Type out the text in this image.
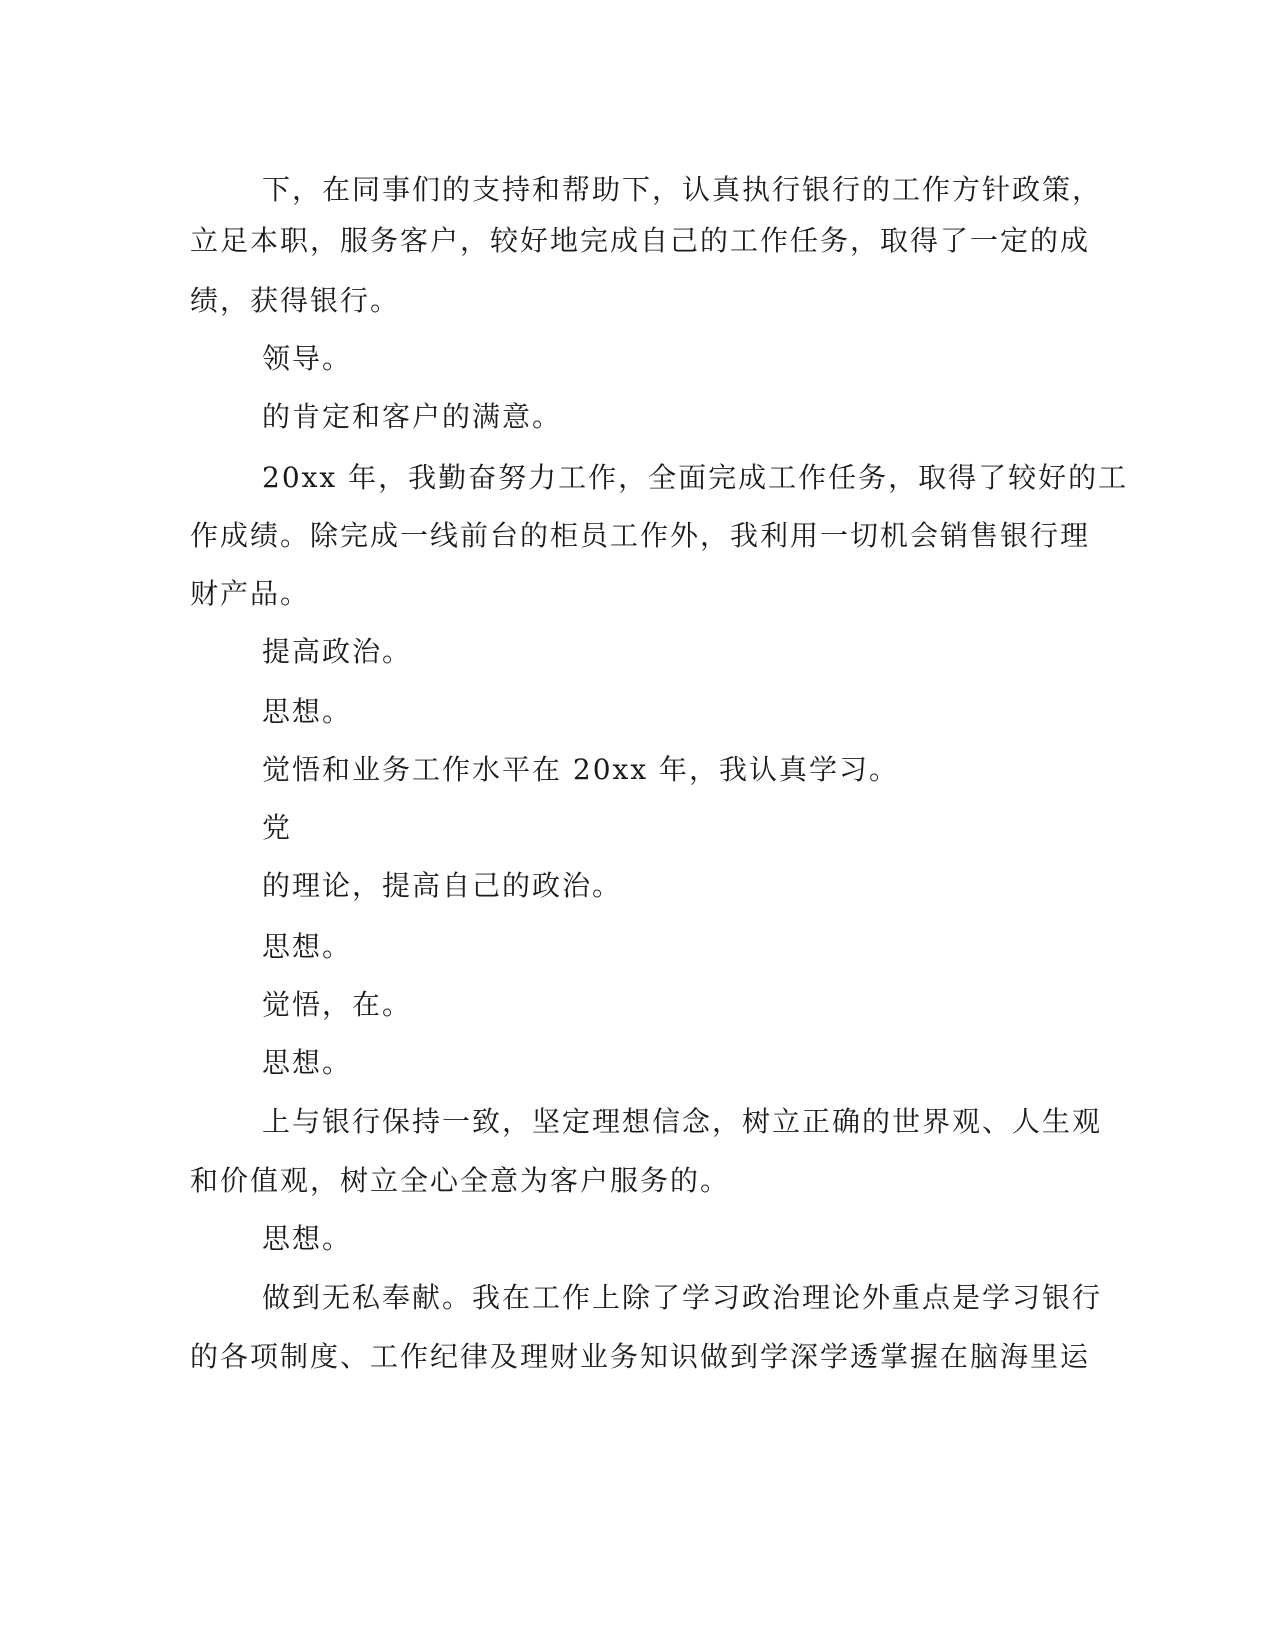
下，在同事们的支持和帮助下，认真执行银行的工作方针政策，
立足本职，服务客户，较好地完成自己的工作任务，取得了一定的成
绩，获得银行。
领导。
的肯定和客户的满意。
20xx 年，我勤奋努力工作，全面完成工作任务，取得了较好的工
作成绩。除完成一线前台的柜员工作外，我利用一切机会销售银行理
财产品。
提高政治。
思想。
觉悟和业务工作水平在 20xx 年，我认真学习。
党
的理论，提高自己的政治。
思想。
觉悟，在。
思想。
上与银行保持一致，坚定理想信念，树立正确的世界观、人生观
和价值观，树立全心全意为客户服务的。
思想。
做到无私奉献。我在工作上除了学习政治理论外重点是学习银行
的各项制度、工作纪律及理财业务知识做到学深学透掌握在脑海里运
